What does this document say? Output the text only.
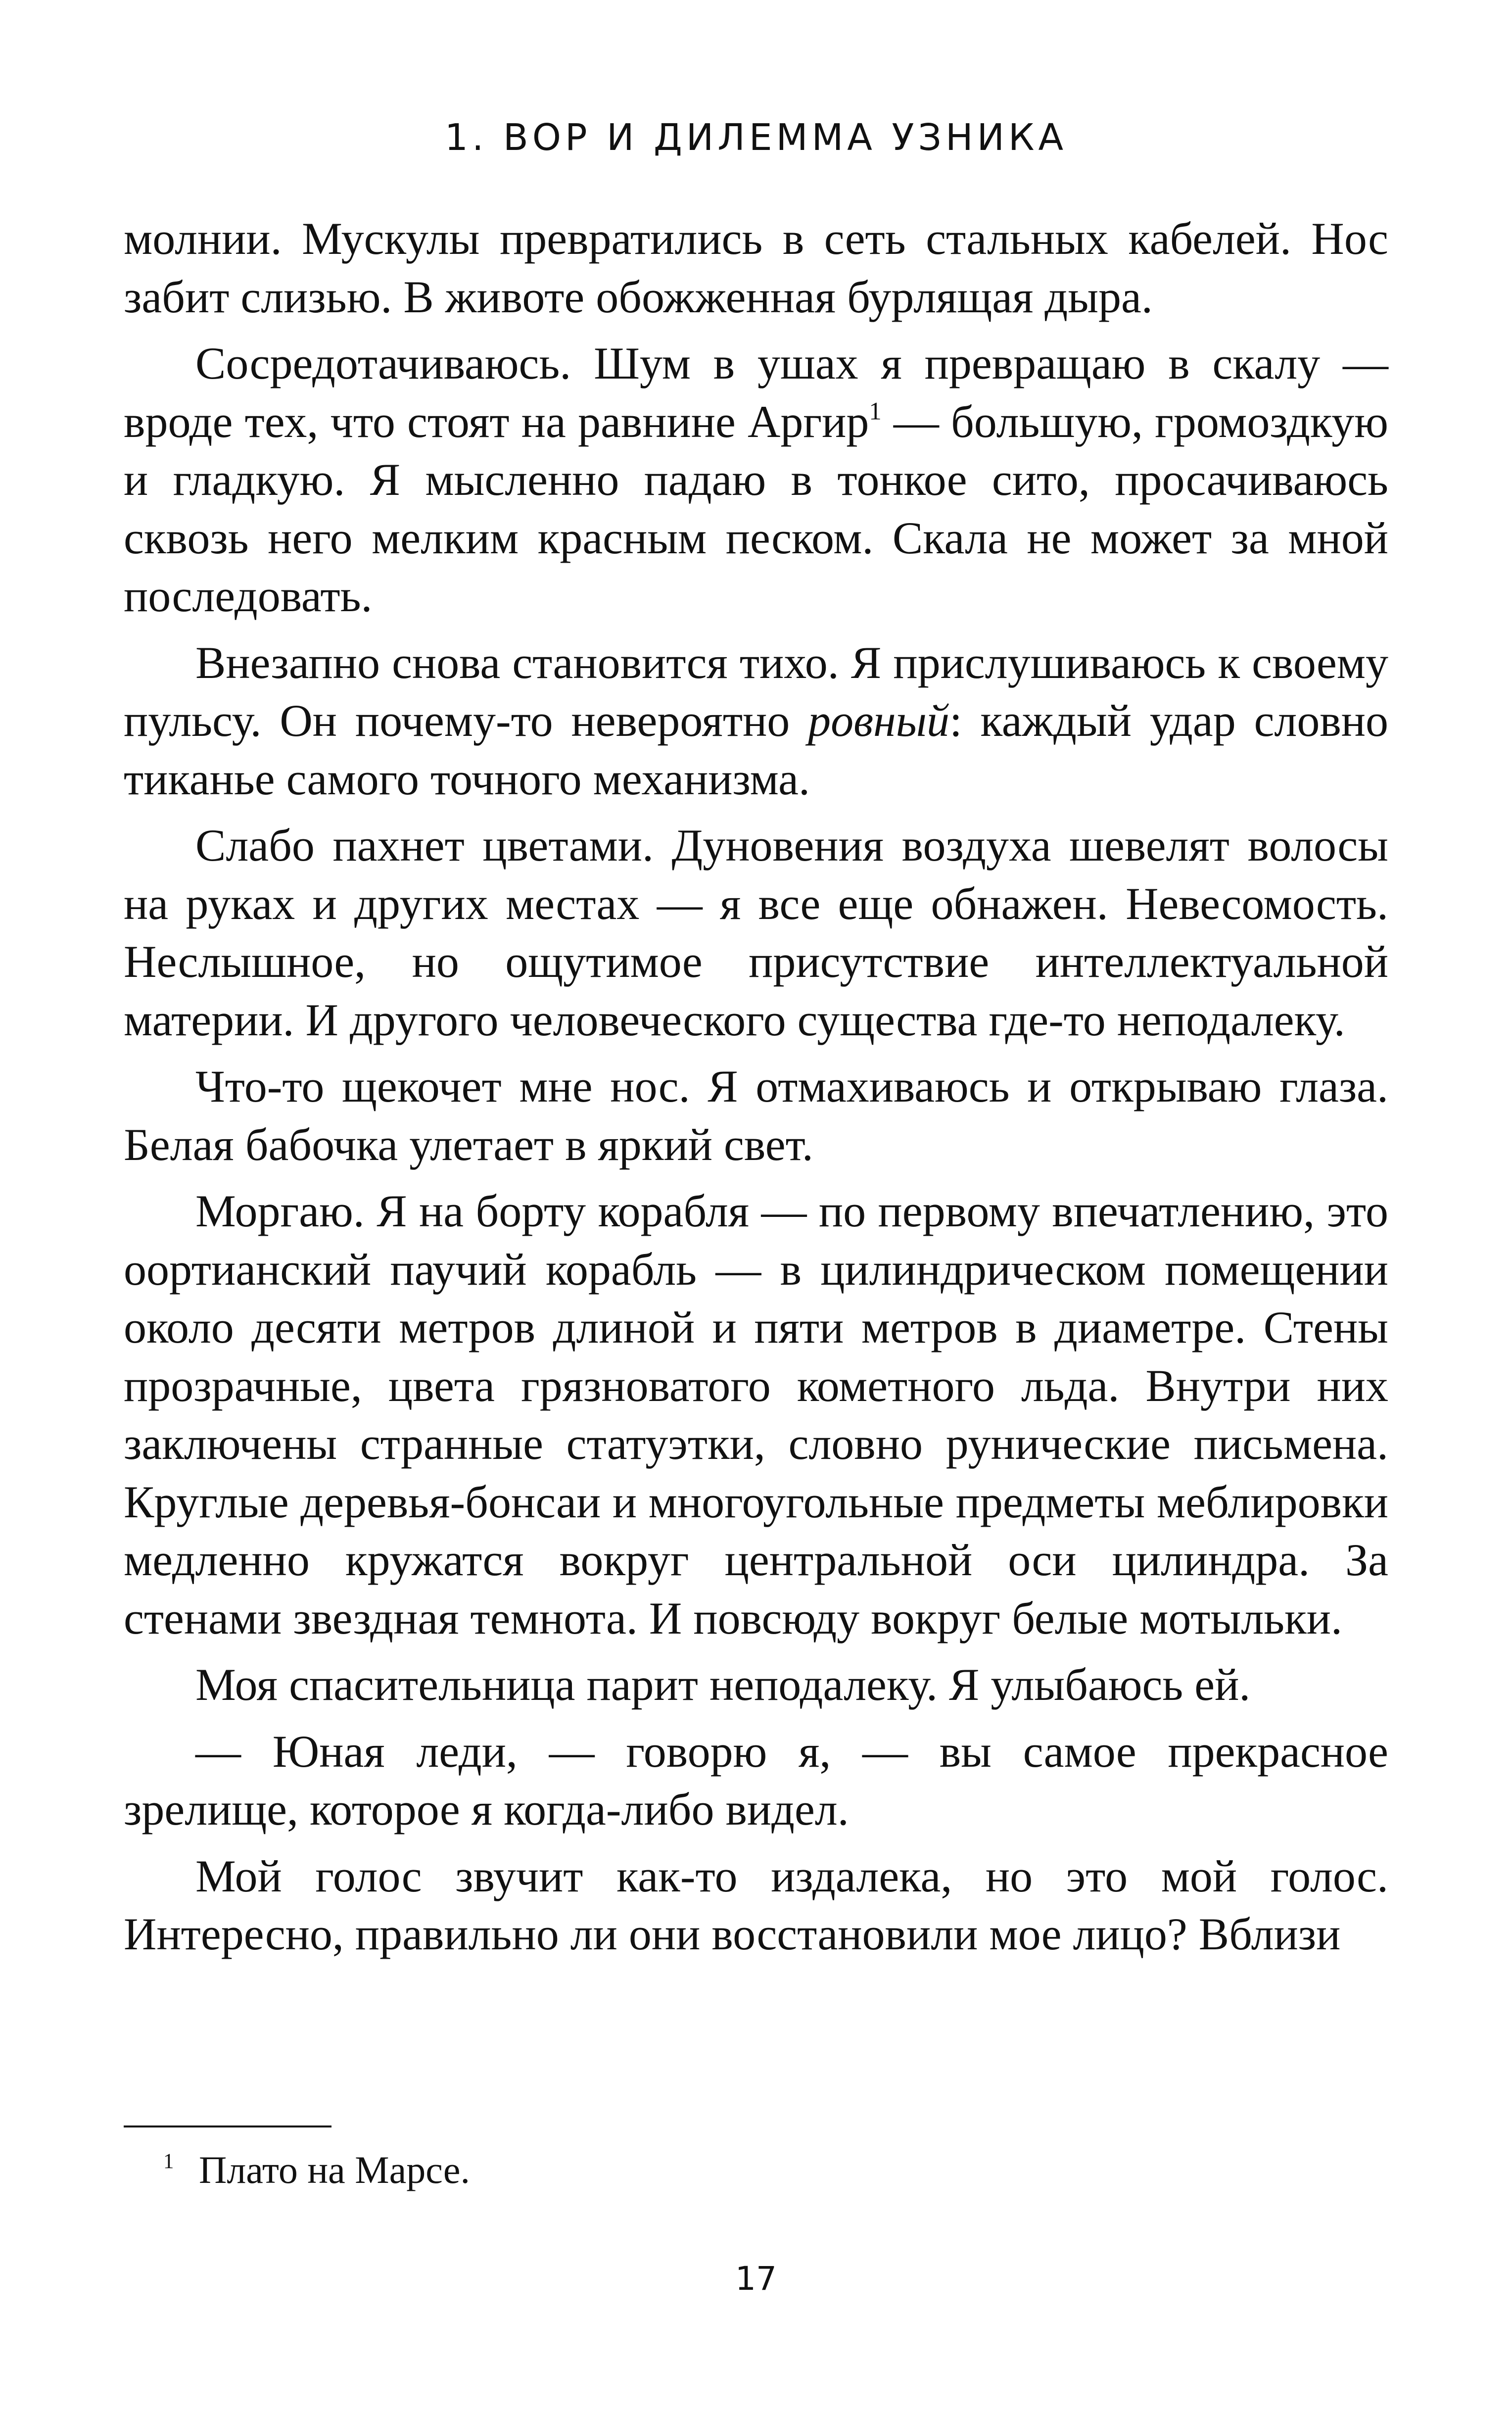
1. ВОР И ДИЛЕММА УЗНИКА

молнии. Мускулы превратились в сеть стальных кабелей. Нос забит слизью. В животе обожженная бурлящая дыра.

Сосредотачиваюсь. Шум в ушах я превращаю в скалу — вроде тех, что стоят на равнине Аргир$^1$ — большую, громоздкую и гладкую. Я мысленно падаю в тонкое сито, просачиваюсь сквозь него мелким красным песком. Скала не может за мной последовать.

Внезапно снова становится тихо. Я прислушиваюсь к своему пульсу. Он почему-то невероятно ровный: каждый удар словно тиканье самого точного механизма.

Слабо пахнет цветами. Дуновения воздуха шевелят волосы на руках и других местах — я все еще обнажен. Невесомость. Неслышное, но ощутимое присутствие интеллектуальной материи. И другого человеческого существа где-то неподалеку.

Что-то щекочет мне нос. Я отмахиваюсь и открываю глаза. Белая бабочка улетает в яркий свет.

Моргаю. Я на борту корабля — по первому впечатлению, это оортианский паучий корабль — в цилиндрическом помещении около десяти метров длиной и пяти метров в диаметре. Стены прозрачные, цвета грязноватого кометного льда. Внутри них заключены странные статуэтки, словно рунические письмена. Круглые деревья-бонсаи и многоугольные предметы меблировки медленно кружатся вокруг центральной оси цилиндра. За стенами звездная темнота. И повсюду вокруг белые мотыльки.

Моя спасительница парит неподалеку. Я улыбаюсь ей.

— Юная леди, — говорю я, — вы самое прекрасное зрелище, которое я когда-либо видел.

Мой голос звучит как-то издалека, но это мой голос. Интересно, правильно ли они восстановили мое лицо? Вблизи

$^1$ Плато на Марсе.
17
